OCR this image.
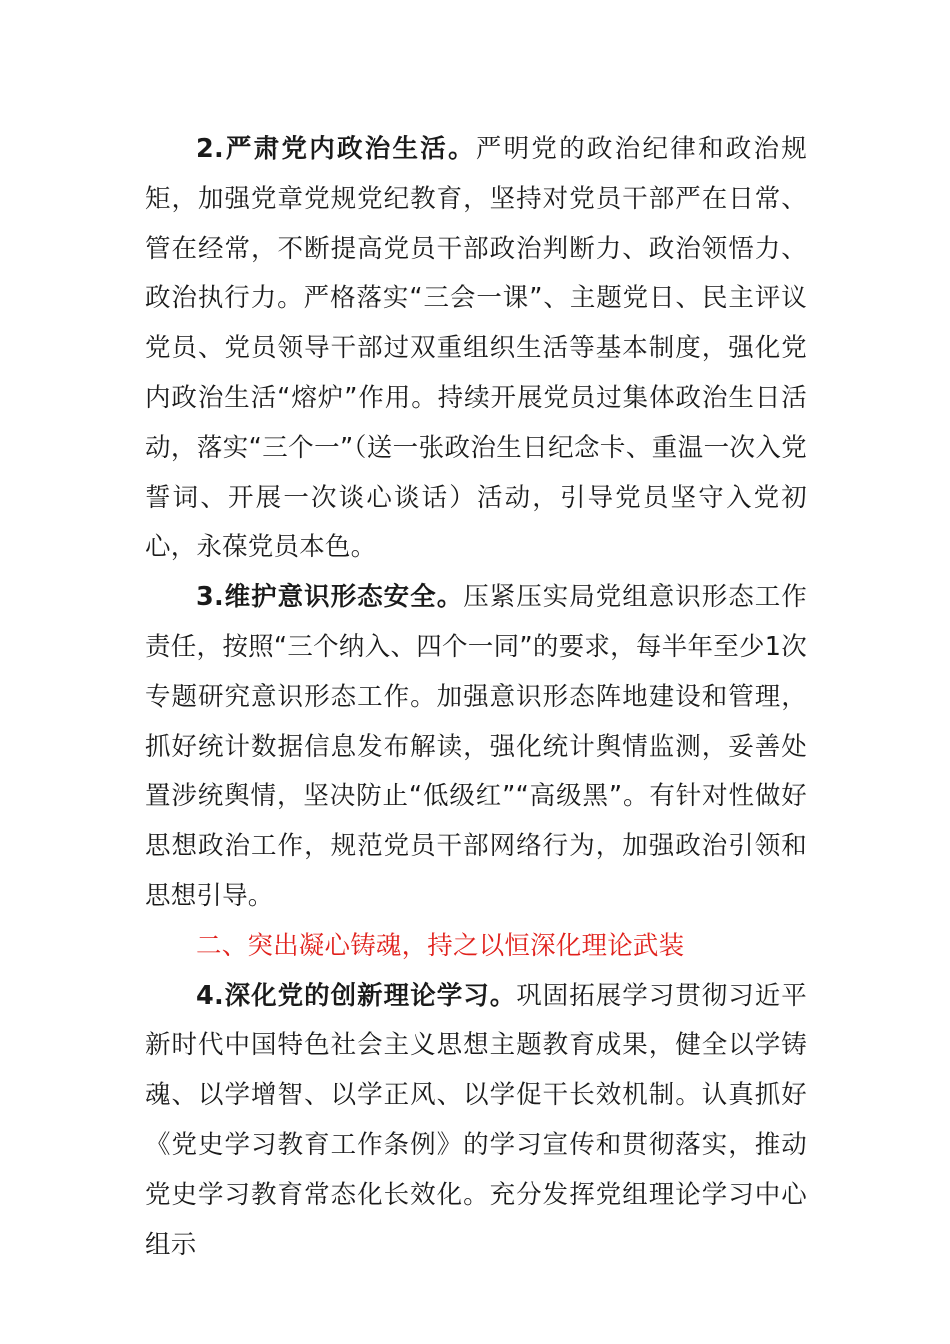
2.严肃党内政治生活。严明党的政治纪律和政治规矩，加强党章党规党纪教育，坚持对党员干部严在日常、管在经常，不断提高党员干部政治判断力、政治领悟力、政治执行力。严格落实“三会一课”、主题党日、民主评议党员、党员领导干部过双重组织生活等基本制度，强化党内政治生活“熔炉”作用。持续开展党员过集体政治生日活动，落实“三个一”（送一张政治生日纪念卡、重温一次入党誓词、开展一次谈心谈话）活动，引导党员坚守入党初心，永葆党员本色。

3.维护意识形态安全。压紧压实局党组意识形态工作责任，按照“三个纳入、四个一同”的要求，每半年至少1次专题研究意识形态工作。加强意识形态阵地建设和管理，抓好统计数据信息发布解读，强化统计舆情监测，妥善处置涉统舆情，坚决防止“低级红”“高级黑”。有针对性做好思想政治工作，规范党员干部网络行为，加强政治引领和思想引导。

二、突出凝心铸魂，持之以恒深化理论武装

4.深化党的创新理论学习。巩固拓展学习贯彻习近平新时代中国特色社会主义思想主题教育成果，健全以学铸魂、以学增智、以学正风、以学促干长效机制。认真抓好《党史学习教育工作条例》的学习宣传和贯彻落实，推动党史学习教育常态化长效化。充分发挥党组理论学习中心组示
